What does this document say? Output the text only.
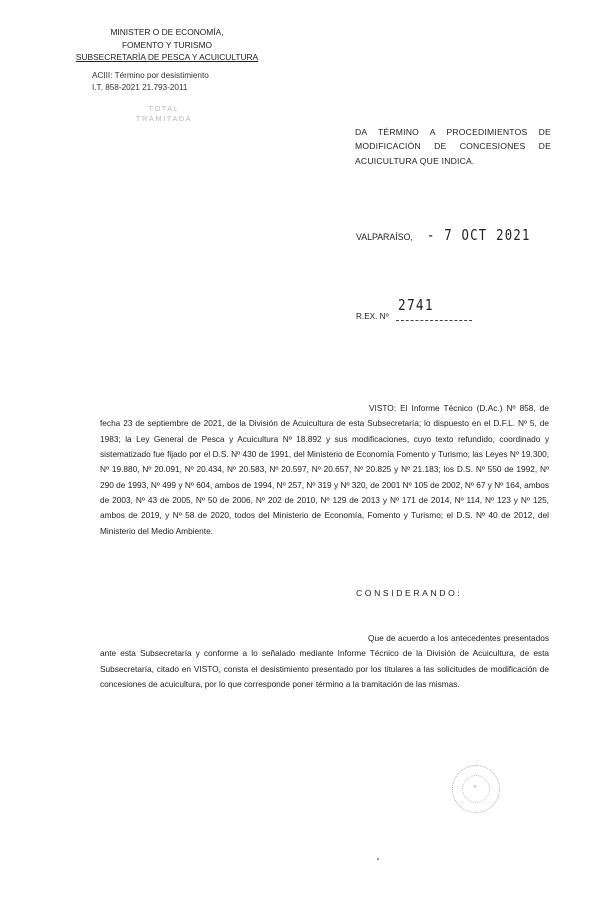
MINISTER O DE ECONOMÍA,
FOMENTO Y TURISMO
SUBSECRETARÍA DE PESCA Y ACUICULTURA
ACIII: Término por desistimiento
I.T. 858-2021 21.793-2011
TOTAL
TRAMITADA
DA TÉRMINO A PROCEDIMIENTOS DE MODIFICACIÓN DE CONCESIONES DE ACUICULTURA QUE INDICA.
VALPARAÍSO, - 7 OCT 2021
R.EX. Nº
2741
VISTO: El Informe Técnico (D.Ac.) Nº 858, de fecha 23 de septiembre de 2021, de la División de Acuicultura de esta Subsecretaría; lo dispuesto en el D.F.L. Nº 5, de 1983; la Ley General de Pesca y Acuicultura Nº 18.892 y sus modificaciones, cuyo texto refundido, coordinado y sistematizado fue fijado por el D.S. Nº 430 de 1991, del Ministerio de Economía Fomento y Turismo; las Leyes Nº 19.300, Nº 19.880, Nº 20.091, Nº 20.434, Nº 20.583, Nº 20.597, Nº 20.657, Nº 20.825 y Nº 21.183; los D.S. Nº 550 de 1992, Nº 290 de 1993, Nº 499 y Nº 604, ambos de 1994, Nº 257, Nº 319 y Nº 320, de 2001 Nº 105 de 2002, Nº 67 y Nº 164, ambos de 2003, Nº 43 de 2005, Nº 50 de 2006, Nº 202 de 2010, Nº 129 de 2013 y Nº 171 de 2014, Nº 114, Nº 123 y Nº 125, ambos de 2019, y Nº 58 de 2020, todos del Ministerio de Economía, Fomento y Turismo; el D.S. Nº 40 de 2012, del Ministerio del Medio Ambiente.
CONSIDERANDO:
Que de acuerdo a los antecedentes presentados ante esta Subsecretaría y conforme a lo señalado mediante Informe Técnico de la División de Acuicultura, de esta Subsecretaría, citado en VISTO, consta el desistimiento presentado por los titulares a las solicitudes de modificación de concesiones de acuicultura, por lo que corresponde poner término a la tramitación de las mismas.
✦
